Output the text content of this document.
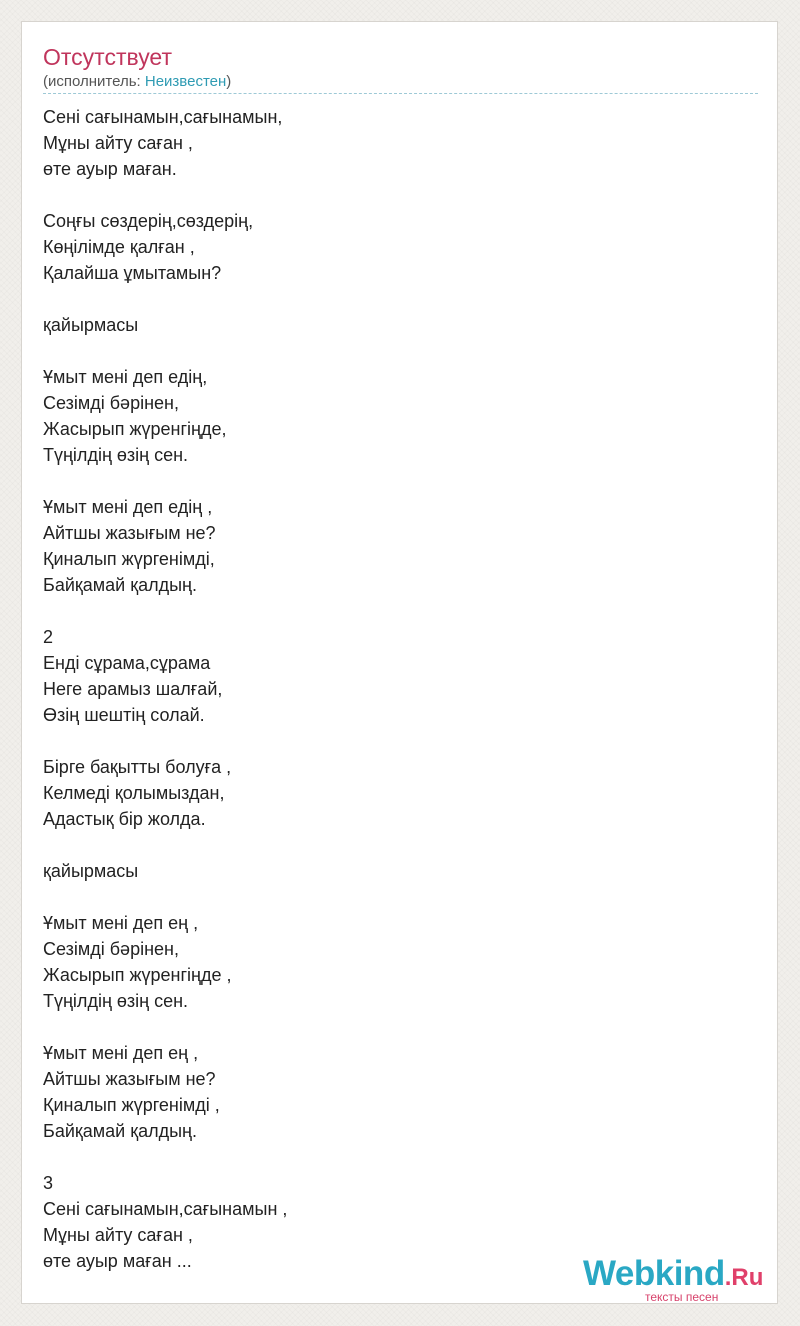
Отсутствует
(исполнитель: Неизвестен)
Сені сағынамын,сағынамын,
Мұны айту саған ,
өте ауыр маған.

Соңғы сөздерің,сөздерің,
Көңілімде қалған ,
Қалайша ұмытамын?

қайырмасы

Ұмыт мені деп едің,
Сезімді бәрінен,
Жасырып жүренгіңде,
Түңілдің өзің сен.

Ұмыт мені деп едің ,
Айтшы жазығым не?
Қиналып жүргенімді,
Байқамай қалдың.

2
Енді сұрама,сұрама
Неге арамыз шалғай,
Өзің шештің солай.

Бірге бақытты болуға ,
Келмеді қолымыздан,
Адастық бір жолда.

қайырмасы

Ұмыт мені деп ең ,
Сезімді бәрінен,
Жасырып жүренгіңде ,
Түңілдің өзің сен.

Ұмыт мені деп ең ,
Айтшы жазығым не?
Қиналып жүргенімді ,
Байқамай қалдың.

3
Сені сағынамын,сағынамын ,
Мұны айту саған ,
өте ауыр маған ...	Webkind.Ru
тексты песен
